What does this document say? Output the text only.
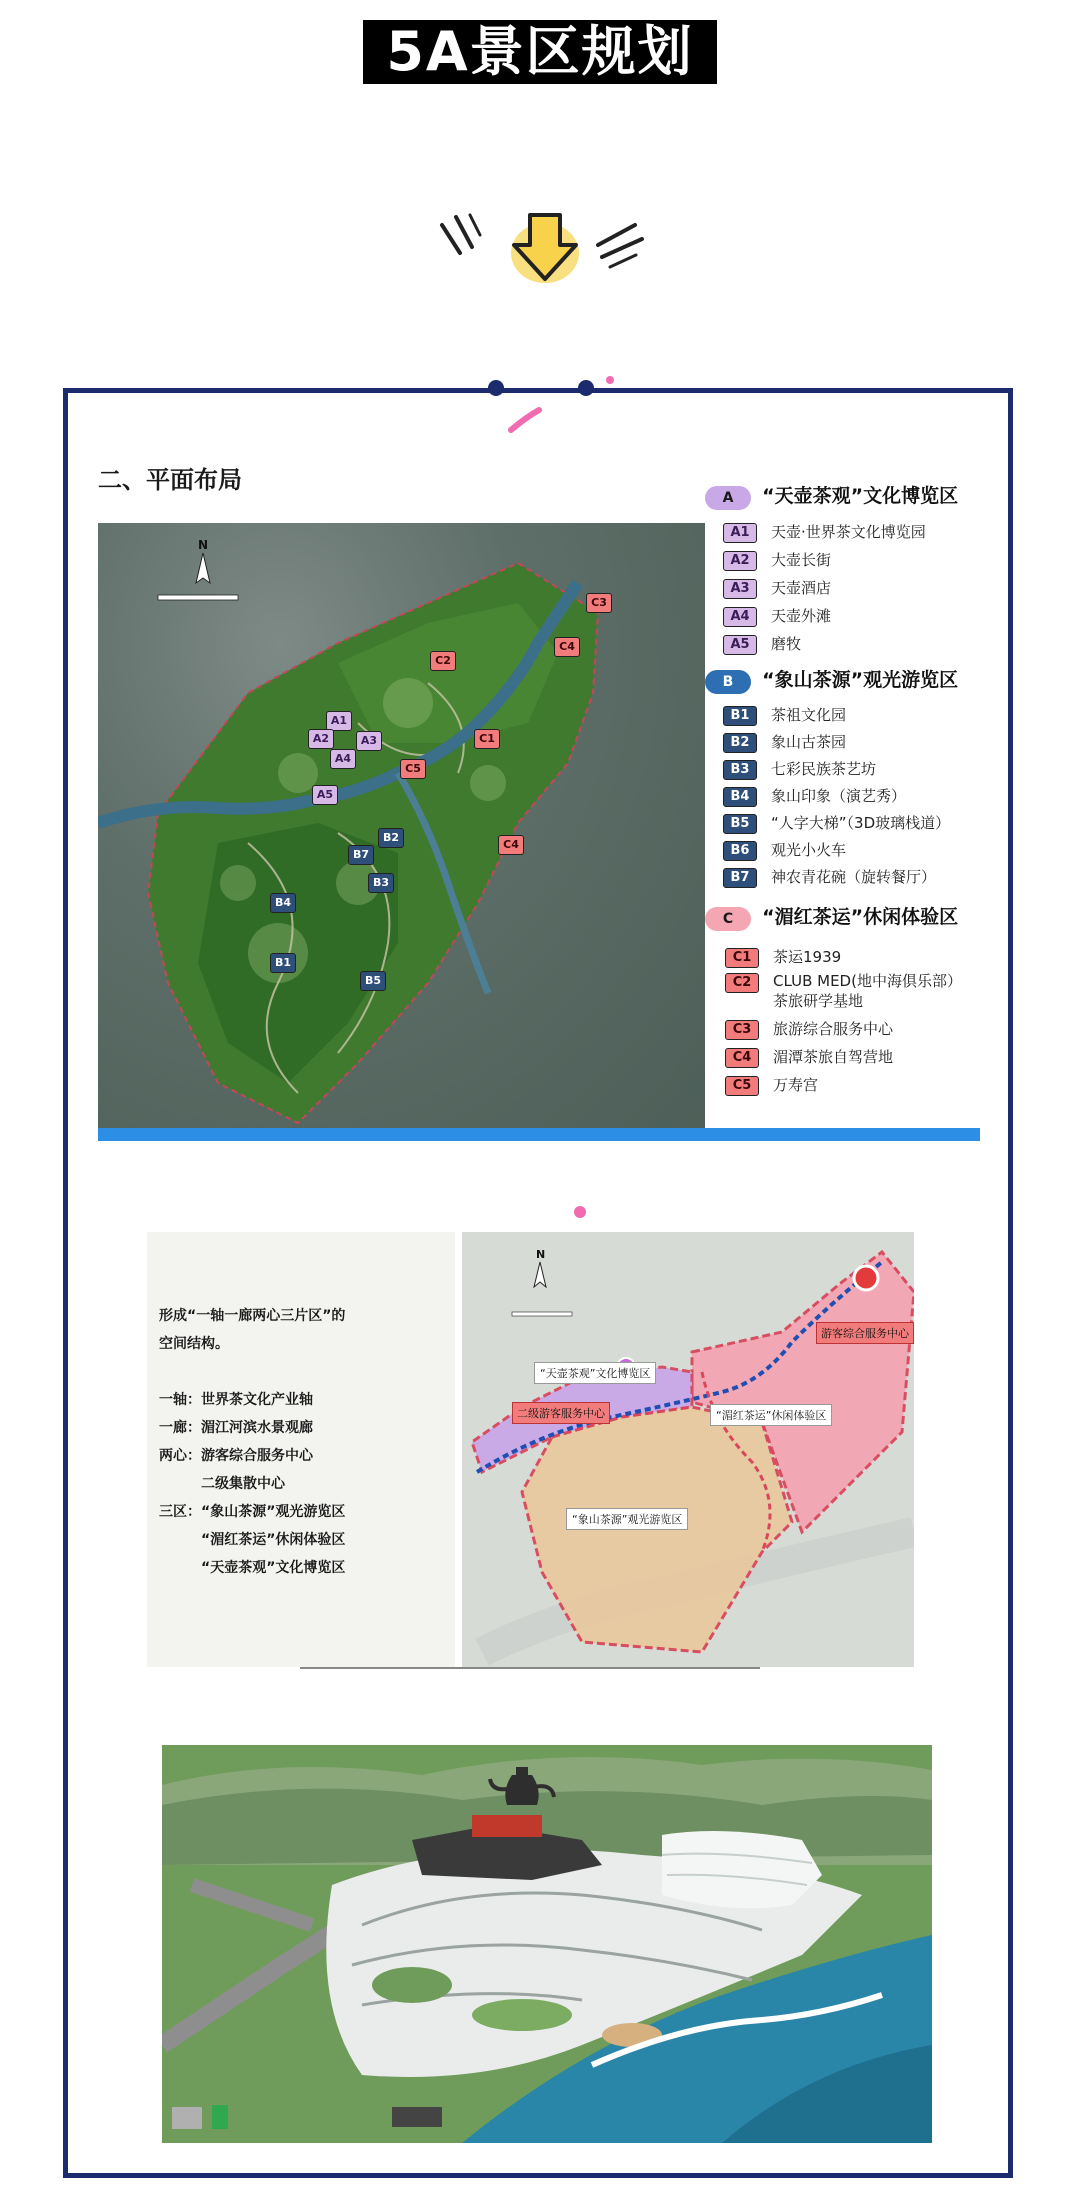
5A景区规划图
二、平面布局
N
A1
A2	A3
A4
A5
B1
B2
B3
B4
B5
B7
C1
C2
C3
C4
C4
C5
A “天壶茶观”文化博览区
A1 天壶·世界茶文化博览园
A2 大壶长街
A3 天壶酒店
A4 天壶外滩
A5 磨牧
B “象山茶源”观光游览区
B1 茶祖文化园
B2 象山古茶园
B3 七彩民族茶艺坊
B4 象山印象（演艺秀）
B5 “人字大梯”（3D玻璃栈道）
B6 观光小火车
B7 神农青花碗（旋转餐厅）
C “湄红茶运”休闲体验区
C1 茶运1939
C2 CLUB MED(地中海俱乐部）
茶旅研学基地
C3 旅游综合服务中心
C4 湄潭茶旅自驾营地
C5 万寿宫
形成“一轴一廊两心三片区”的
空间结构。
一轴：世界茶文化产业轴
一廊：湄江河滨水景观廊
两心：游客综合服务中心
　　　二级集散中心
三区：“象山茶源”观光游览区
　　　“湄红茶运”休闲体验区
　　　“天壶茶观”文化博览区
N
“天壶茶观”文化博览区
二级游客服务中心
游客综合服务中心
“湄红茶运”休闲体验区
“象山茶源”观光游览区
